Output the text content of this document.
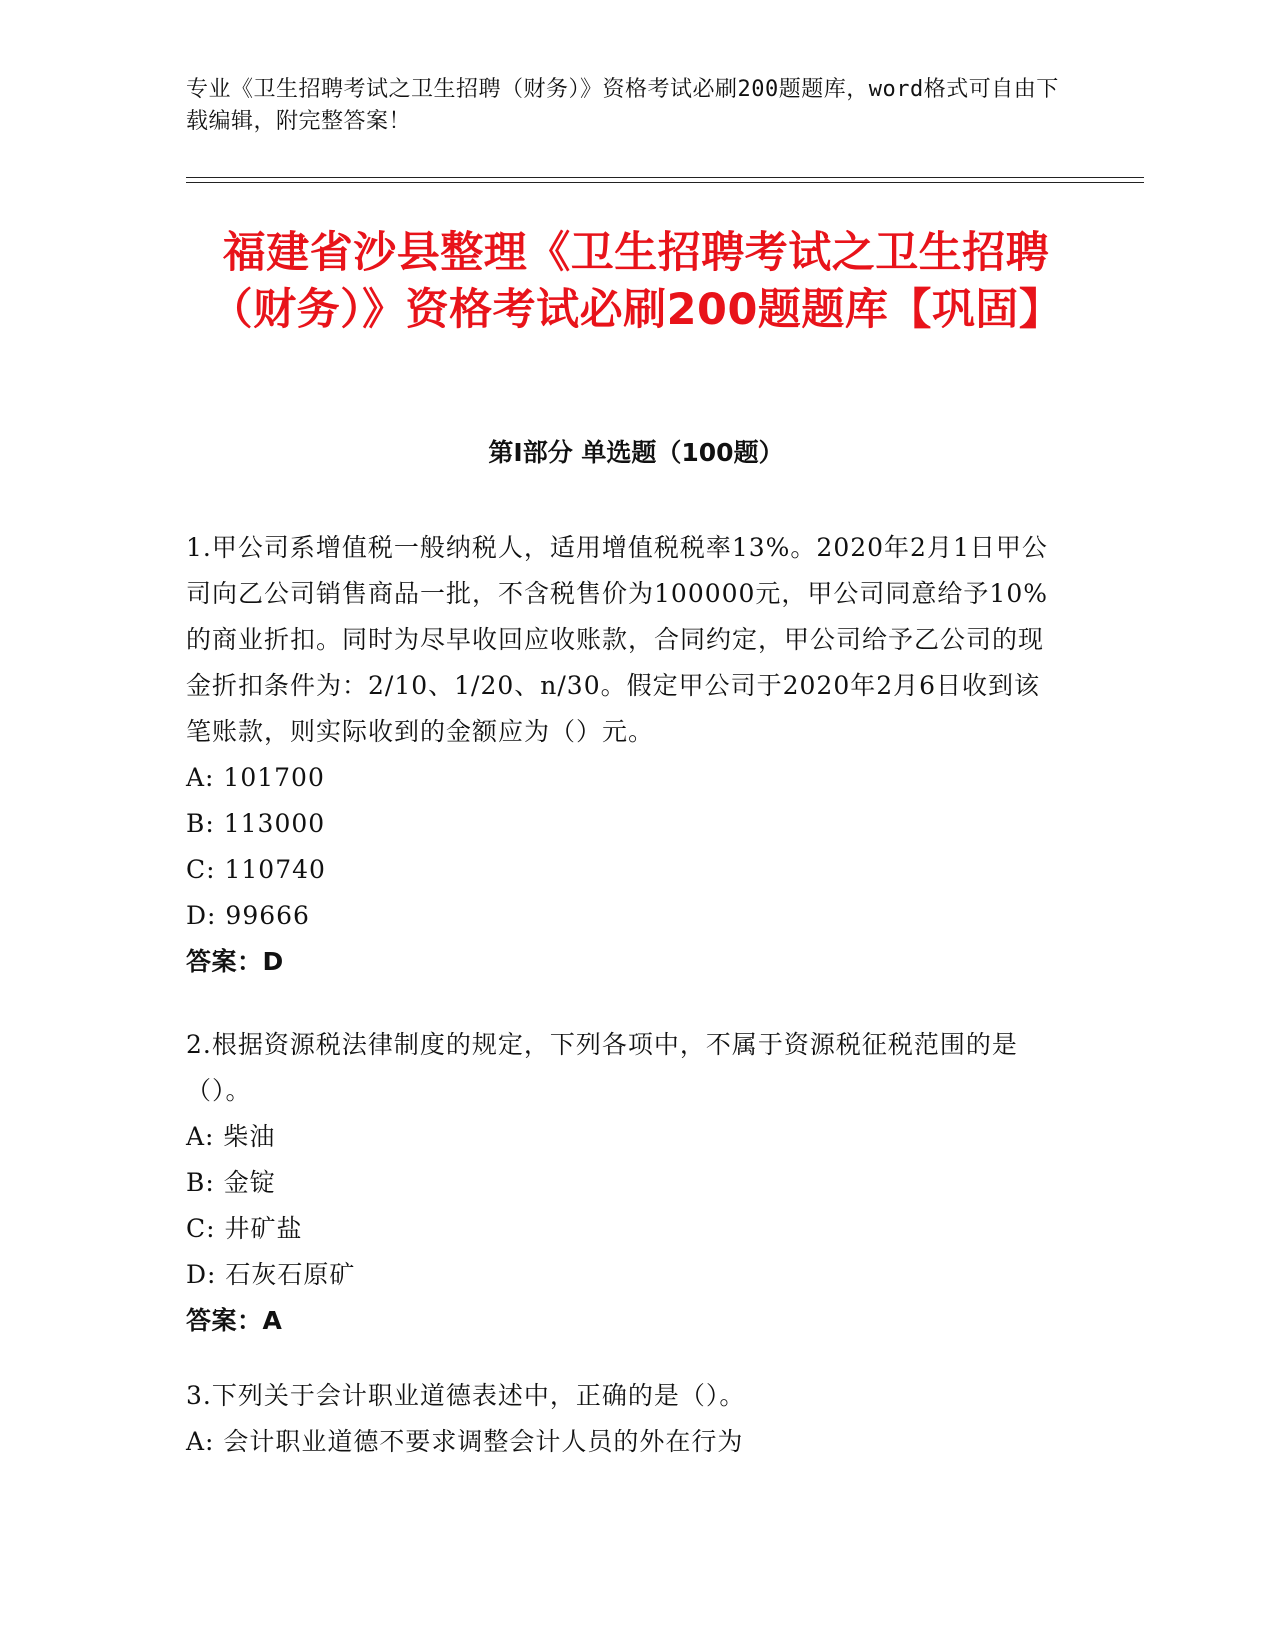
专业《卫生招聘考试之卫生招聘（财务）》资格考试必刷200题题库，word格式可自由下载编辑，附完整答案！

福建省沙县整理《卫生招聘考试之卫生招聘（财务）》资格考试必刷200题题库【巩固】
第I部分 单选题（100题）

1.甲公司系增值税一般纳税人，适用增值税税率13%。2020年2月1日甲公司向乙公司销售商品一批，不含税售价为100000元，甲公司同意给予10%的商业折扣。同时为尽早收回应收账款，合同约定，甲公司给予乙公司的现金折扣条件为：2/10、1/20、n/30。假定甲公司于2020年2月6日收到该笔账款，则实际收到的金额应为（）元。

A: 101700

B: 113000

C: 110740

D: 99666

答案：D

2.根据资源税法律制度的规定，下列各项中，不属于资源税征税范围的是（）。

A: 柴油

B: 金锭

C: 井矿盐

D: 石灰石原矿

答案：A

3.下列关于会计职业道德表述中，正确的是（）。

A: 会计职业道德不要求调整会计人员的外在行为
